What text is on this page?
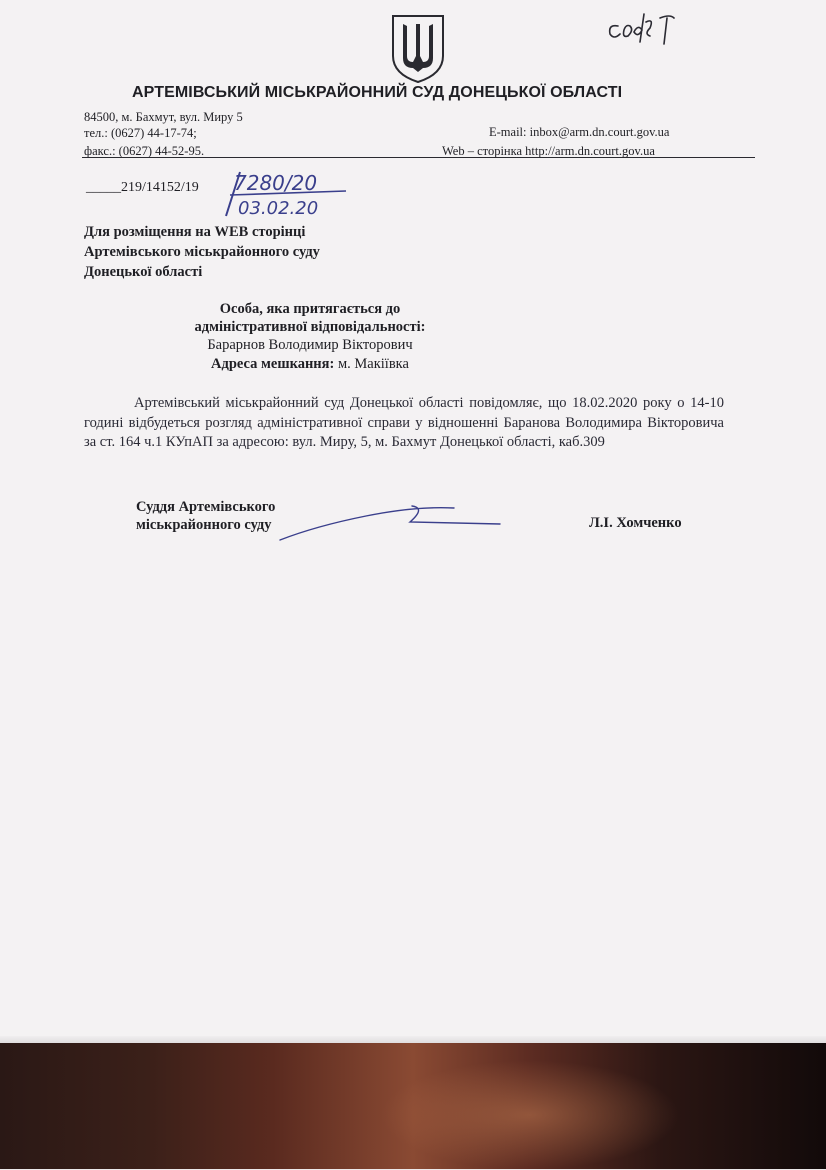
саб71
АРТЕМІВСЬКИЙ МІСЬКРАЙОННИЙ СУД ДОНЕЦЬКОЇ ОБЛАСТІ
84500, м. Бахмут, вул. Миру 5
тел.: (0627) 44-17-74;
факс.: (0627) 44-52-95.
E-mail: inbox@arm.dn.court.gov.ua
Web – сторінка http://arm.dn.court.gov.ua
_____219/14152/19 7280/20
03.02.20
Для розміщення на WEB сторінці
Артемівського міськрайонного суду
Донецької області
Особа, яка притягається до
адміністративної відповідальності:
Барарнов Володимир Вікторович
Адреса мешкання: м. Макіївка
Артемівський міськрайонний суд Донецької області повідомляє, що 18.02.2020 року о 14-10 годині відбудеться розгляд адміністративної справи у відношенні Баранова Володимира Вікторовича за ст. 164 ч.1 КУпАП за адресою: вул. Миру, 5, м. Бахмут Донецької області, каб.309
Суддя Артемівського
міськрайонного суду	Л.І. Хомченко
